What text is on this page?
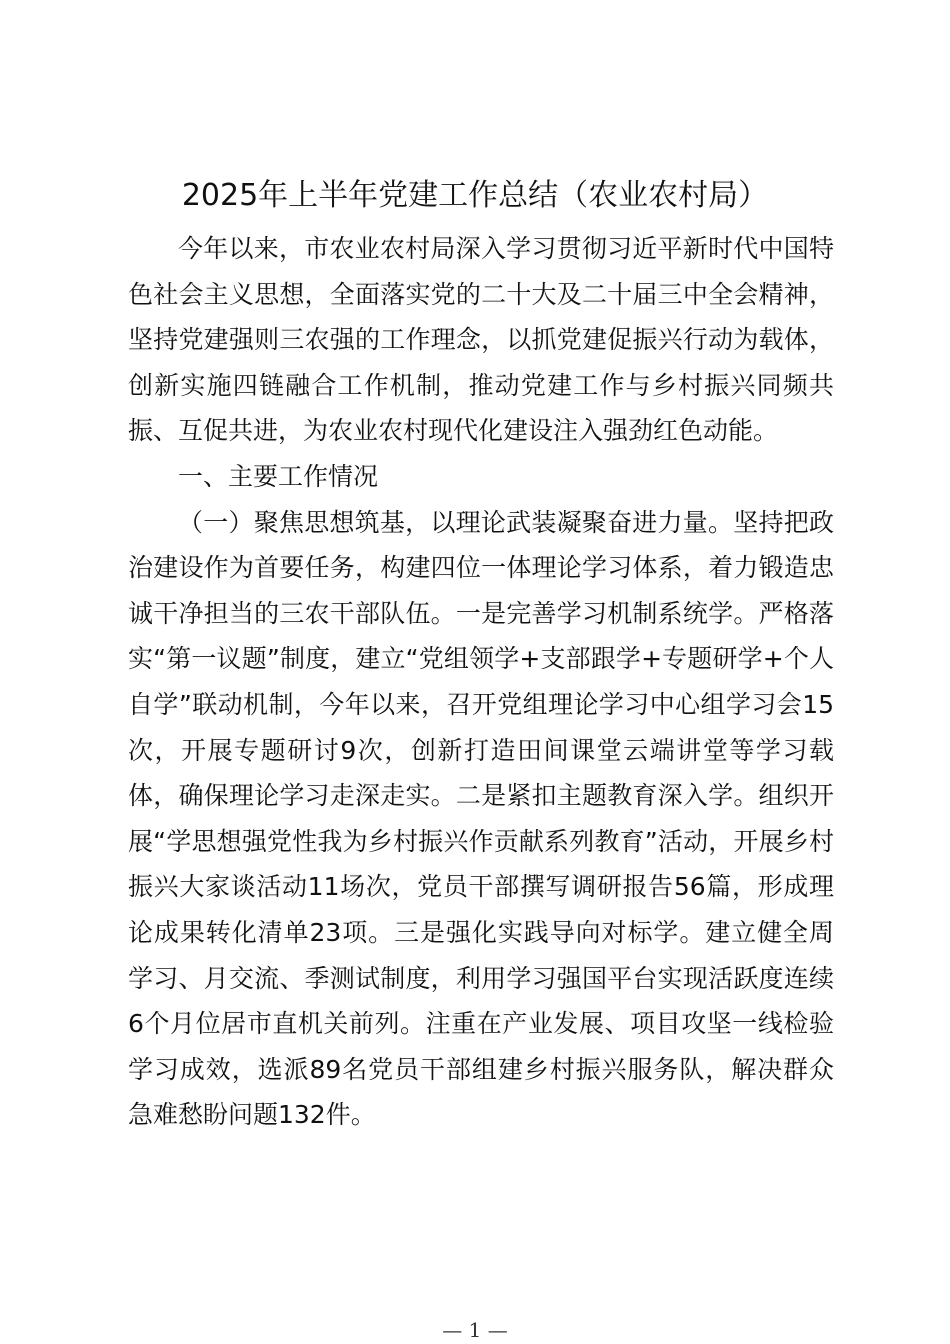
2025年上半年党建工作总结（农业农村局）

今年以来，市农业农村局深入学习贯彻习近平新时代中国特色社会主义思想，全面落实党的二十大及二十届三中全会精神，坚持党建强则三农强的工作理念，以抓党建促振兴行动为载体，创新实施四链融合工作机制，推动党建工作与乡村振兴同频共振、互促共进，为农业农村现代化建设注入强劲红色动能。

一、主要工作情况

（一）聚焦思想筑基，以理论武装凝聚奋进力量。坚持把政治建设作为首要任务，构建四位一体理论学习体系，着力锻造忠诚干净担当的三农干部队伍。一是完善学习机制系统学。严格落实“第一议题”制度，建立“党组领学+支部跟学+专题研学+个人自学”联动机制，今年以来，召开党组理论学习中心组学习会15次，开展专题研讨9次，创新打造田间课堂云端讲堂等学习载体，确保理论学习走深走实。二是紧扣主题教育深入学。组织开展“学思想强党性我为乡村振兴作贡献系列教育”活动，开展乡村振兴大家谈活动11场次，党员干部撰写调研报告56篇，形成理论成果转化清单23项。三是强化实践导向对标学。建立健全周学习、月交流、季测试制度，利用学习强国平台实现活跃度连续6个月位居市直机关前列。注重在产业发展、项目攻坚一线检验学习成效，选派89名党员干部组建乡村振兴服务队，解决群众急难愁盼问题132件。

— 1 —
